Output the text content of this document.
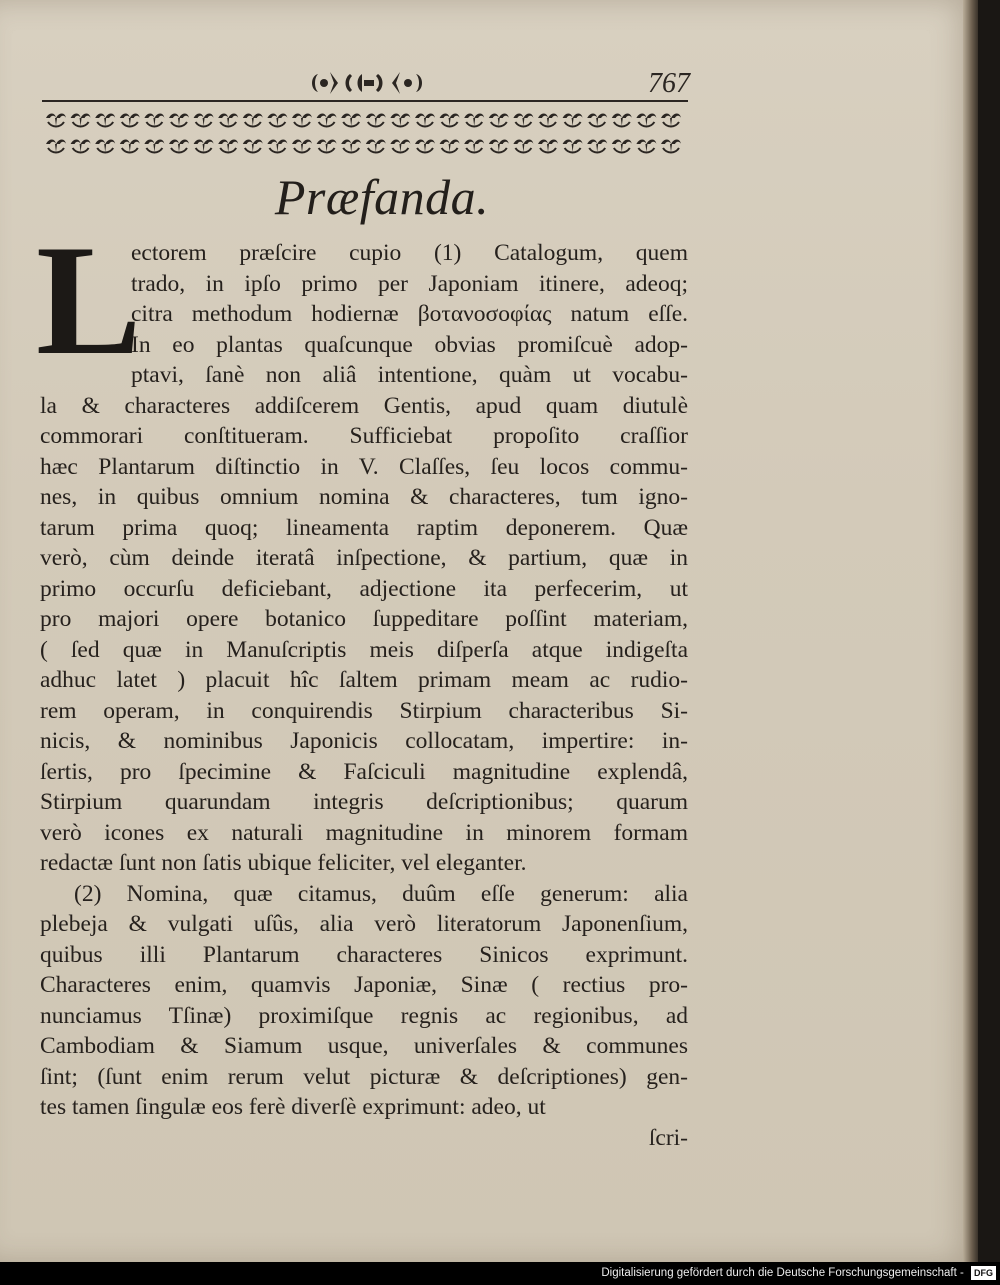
767
Præfanda.
L
ectorem præſcire cupio (1) Catalogum, quem
trado, in ipſo primo per Japoniam itinere, adeoq;
citra methodum hodiernæ βοτανοσοφίας natum eſſe.
In eo plantas quaſcunque obvias promiſcuè adop-
ptavi, ſanè non aliâ intentione, quàm ut vocabu-
la & characteres addiſcerem Gentis, apud quam diutulè
commorari conſtitueram. Sufficiebat propoſito craſſior
hæc Plantarum diſtinctio in V. Claſſes, ſeu locos commu-
nes, in quibus omnium nomina & characteres, tum igno-
tarum prima quoq; lineamenta raptim deponerem. Quæ
verò, cùm deinde iteratâ inſpectione, & partium, quæ in
primo occurſu deficiebant, adjectione ita perfecerim, ut
pro majori opere botanico ſuppeditare poſſint materiam,
( ſed quæ in Manuſcriptis meis diſperſa atque indigeſta
adhuc latet ) placuit hîc ſaltem primam meam ac rudio-
rem operam, in conquirendis Stirpium characteribus Si-
nicis, & nominibus Japonicis collocatam, impertire: in-
ſertis, pro ſpecimine & Faſciculi magnitudine explendâ,
Stirpium quarundam integris deſcriptionibus; quarum
verò icones ex naturali magnitudine in minorem formam
redactæ ſunt non ſatis ubique feliciter, vel eleganter.
(2) Nomina, quæ citamus, duûm eſſe generum: alia
plebeja & vulgati uſûs, alia verò literatorum Japonenſium,
quibus illi Plantarum characteres Sinicos exprimunt.
Characteres enim, quamvis Japoniæ, Sinæ ( rectius pro-
nunciamus Tſinæ) proximiſque regnis ac regionibus, ad
Cambodiam & Siamum usque, univerſales & communes
ſint; (ſunt enim rerum velut picturæ & deſcriptiones) gen-
tes tamen ſingulæ eos ferè diverſè exprimunt: adeo, ut
ſcri-
Digitalisierung gefördert durch die Deutsche Forschungsgemeinschaft - DFG
